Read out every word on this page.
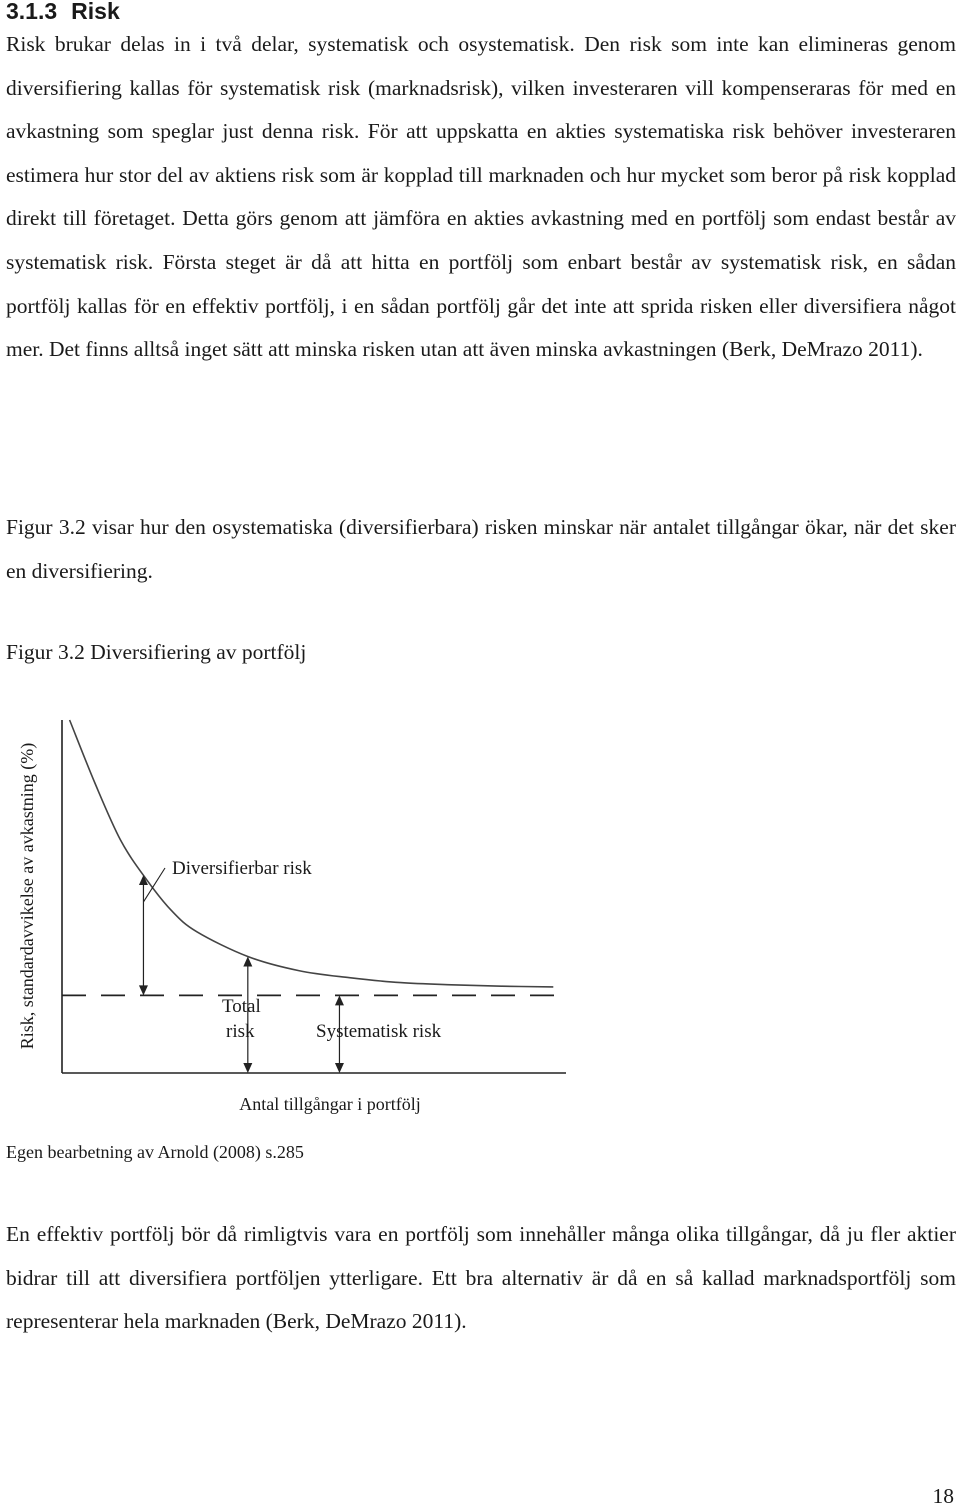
3.1.3 Risk

Risk brukar delas in i två delar, systematisk och osystematisk. Den risk som inte kan elimineras genom diversifiering kallas för systematisk risk (marknadsrisk), vilken investeraren vill kompenseraras för med en avkastning som speglar just denna risk. För att uppskatta en akties systematiska risk behöver investeraren estimera hur stor del av aktiens risk som är kopplad till marknaden och hur mycket som beror på risk kopplad direkt till företaget. Detta görs genom att jämföra en akties avkastning med en portfölj som endast består av systematisk risk. Första steget är då att hitta en portfölj som enbart består av systematisk risk, en sådan portfölj kallas för en effektiv portfölj, i en sådan portfölj går det inte att sprida risken eller diversifiera något mer. Det finns alltså inget sätt att minska risken utan att även minska avkastningen (Berk, DeMrazo 2011).

Figur 3.2 visar hur den osystematiska (diversifierbara) risken minskar när antalet tillgångar ökar, när det sker en diversifiering.

Figur 3.2 Diversifiering av portfölj

Risk, standardavvikelse av avkastning (%)
Antal tillgångar i portfölj
Diversifierbar risk
Total
risk	Systematisk risk

Egen bearbetning av Arnold (2008) s.285

En effektiv portfölj bör då rimligtvis vara en portfölj som innehåller många olika tillgångar, då ju fler aktier bidrar till att diversifiera portföljen ytterligare. Ett bra alternativ är då en så kallad marknadsportfölj som representerar hela marknaden (Berk, DeMrazo 2011).

18
